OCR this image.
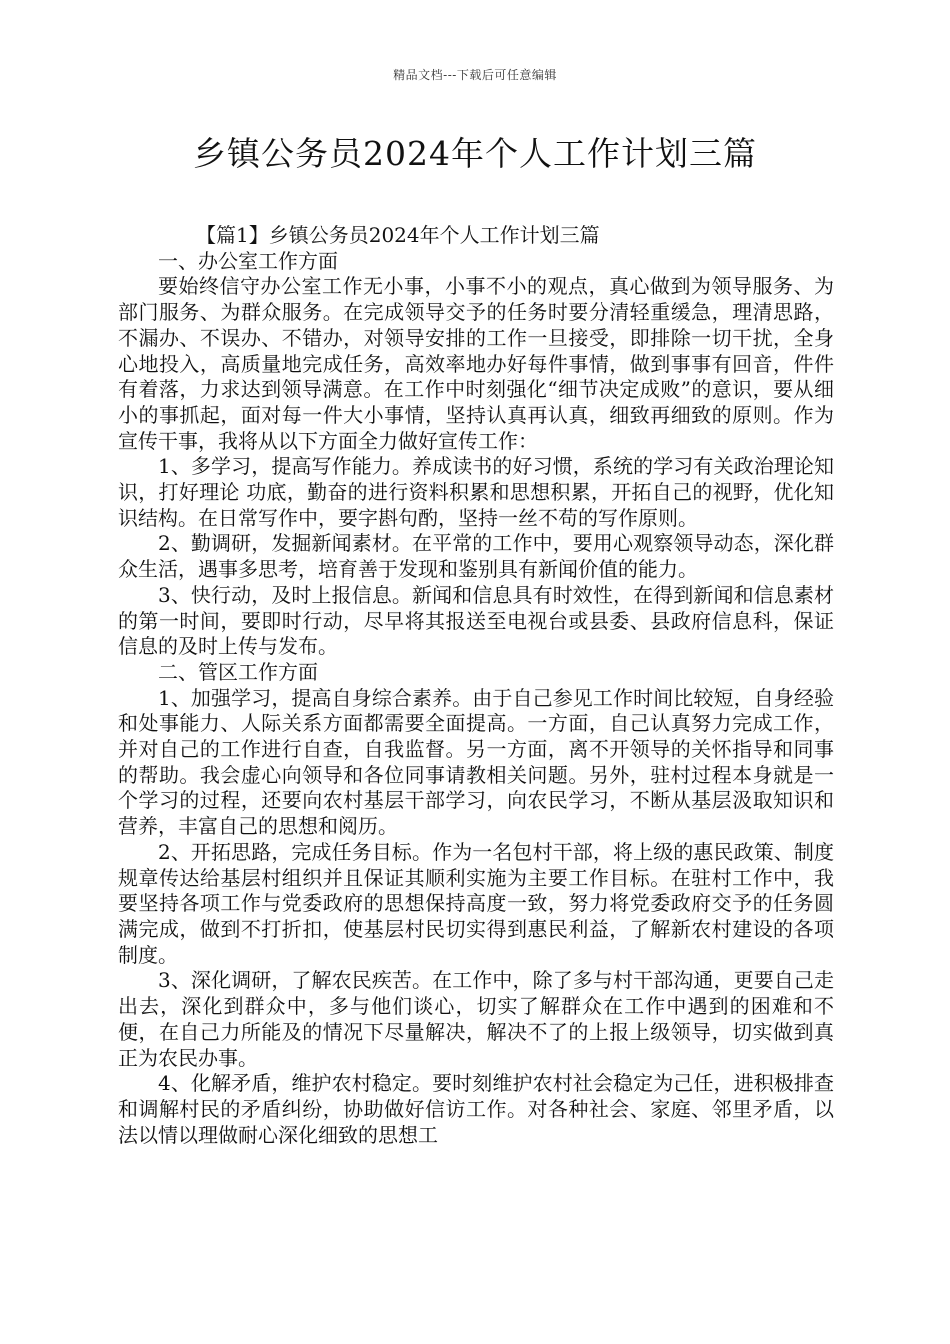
精品文档---下载后可任意编辑
乡镇公务员2024年个人工作计划三篇

【篇1】乡镇公务员2024年个人工作计划三篇

一、办公室工作方面

要始终信守办公室工作无小事，小事不小的观点，真心做到为领导服务、为部门服务、为群众服务。在完成领导交予的任务时要分清轻重缓急，理清思路，不漏办、不误办、不错办，对领导安排的工作一旦接受，即排除一切干扰，全身心地投入，高质量地完成任务，高效率地办好每件事情，做到事事有回音，件件有着落，力求达到领导满意。在工作中时刻强化“细节决定成败”的意识，要从细小的事抓起，面对每一件大小事情，坚持认真再认真，细致再细致的原则。作为宣传干事，我将从以下方面全力做好宣传工作：

1、多学习，提高写作能力。养成读书的好习惯，系统的学习有关政治理论知识，打好理论 功底，勤奋的进行资料积累和思想积累，开拓自己的视野，优化知识结构。在日常写作中，要字斟句酌，坚持一丝不苟的写作原则。

2、勤调研，发掘新闻素材。在平常的工作中，要用心观察领导动态，深化群众生活，遇事多思考，培育善于发现和鉴别具有新闻价值的能力。

3、快行动，及时上报信息。新闻和信息具有时效性，在得到新闻和信息素材的第一时间，要即时行动，尽早将其报送至电视台或县委、县政府信息科，保证信息的及时上传与发布。

二、管区工作方面

1、加强学习，提高自身综合素养。由于自己参见工作时间比较短，自身经验和处事能力、人际关系方面都需要全面提高。一方面，自己认真努力完成工作，并对自己的工作进行自查，自我监督。另一方面，离不开领导的关怀指导和同事的帮助。我会虚心向领导和各位同事请教相关问题。另外，驻村过程本身就是一个学习的过程，还要向农村基层干部学习，向农民学习，不断从基层汲取知识和营养，丰富自己的思想和阅历。

2、开拓思路，完成任务目标。作为一名包村干部，将上级的惠民政策、制度规章传达给基层村组织并且保证其顺利实施为主要工作目标。在驻村工作中，我要坚持各项工作与党委政府的思想保持高度一致，努力将党委政府交予的任务圆满完成，做到不打折扣，使基层村民切实得到惠民利益，了解新农村建设的各项制度。

3、深化调研，了解农民疾苦。在工作中，除了多与村干部沟通，更要自己走出去，深化到群众中，多与他们谈心，切实了解群众在工作中遇到的困难和不便，在自己力所能及的情况下尽量解决，解决不了的上报上级领导，切实做到真正为农民办事。

4、化解矛盾，维护农村稳定。要时刻维护农村社会稳定为己任，进积极排查和调解村民的矛盾纠纷，协助做好信访工作。对各种社会、家庭、邻里矛盾，以法以情以理做耐心深化细致的思想工
